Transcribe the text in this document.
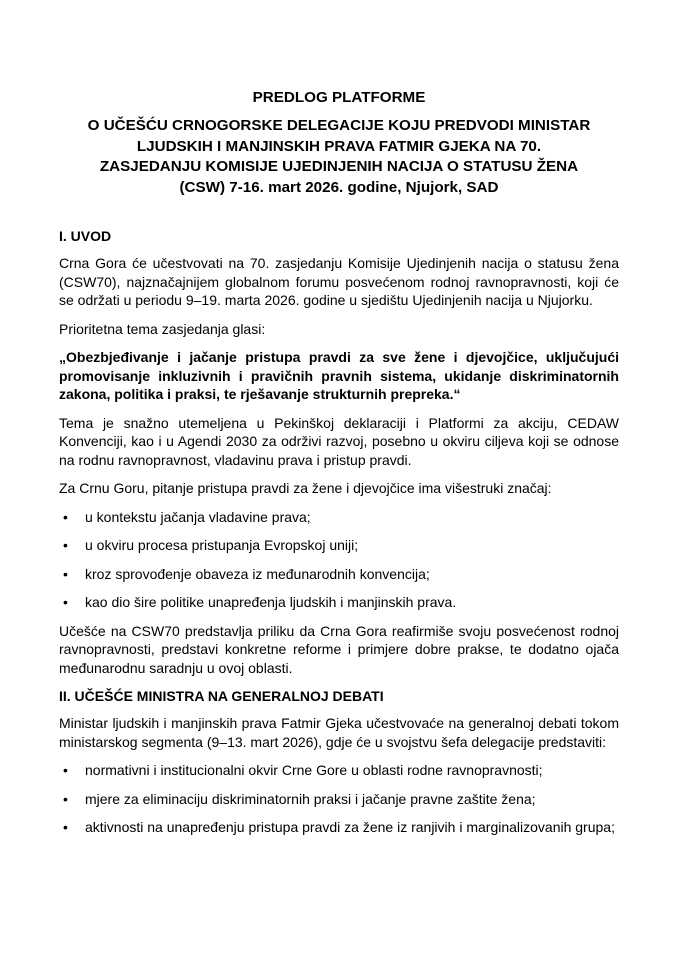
PREDLOG PLATFORME
O UČEŠĆU CRNOGORSKE DELEGACIJE KOJU PREDVODI MINISTAR
LJUDSKIH I MANJINSKIH PRAVA FATMIR GJEKA NA 70.
ZASJEDANJU KOMISIJE UJEDINJENIH NACIJA O STATUSU ŽENA
(CSW) 7-16. mart 2026. godine, Njujork, SAD
I. UVOD

Crna Gora će učestvovati na 70. zasjedanju Komisije Ujedinjenih nacija o statusu žena (CSW70), najznačajnijem globalnom forumu posvećenom rodnoj ravnopravnosti, koji će se održati u periodu 9–19. marta 2026. godine u sjedištu Ujedinjenih nacija u Njujorku.

Prioritetna tema zasjedanja glasi:

„Obezbjeđivanje i jačanje pristupa pravdi za sve žene i djevojčice, uključujući promovisanje inkluzivnih i pravičnih pravnih sistema, ukidanje diskriminatornih zakona, politika i praksi, te rješavanje strukturnih prepreka.“

Tema je snažno utemeljena u Pekinškoj deklaraciji i Platformi za akciju, CEDAW Konvenciji, kao i u Agendi 2030 za održivi razvoj, posebno u okviru ciljeva koji se odnose na rodnu ravnopravnost, vladavinu prava i pristup pravdi.

Za Crnu Goru, pitanje pristupa pravdi za žene i djevojčice ima višestruki značaj:

• u kontekstu jačanja vladavine prava;
• u okviru procesa pristupanja Evropskoj uniji;
• kroz sprovođenje obaveza iz međunarodnih konvencija;
• kao dio šire politike unapređenja ljudskih i manjinskih prava.

Učešće na CSW70 predstavlja priliku da Crna Gora reafirmiše svoju posvećenost rodnoj ravnopravnosti, predstavi konkretne reforme i primjere dobre prakse, te dodatno ojača međunarodnu saradnju u ovoj oblasti.

II. UČEŠĆE MINISTRA NA GENERALNOJ DEBATI

Ministar ljudskih i manjinskih prava Fatmir Gjeka učestvovaće na generalnoj debati tokom ministarskog segmenta (9–13. mart 2026), gdje će u svojstvu šefa delegacije predstaviti:

• normativni i institucionalni okvir Crne Gore u oblasti rodne ravnopravnosti;
• mjere za eliminaciju diskriminatornih praksi i jačanje pravne zaštite žena;
• aktivnosti na unapređenju pristupa pravdi za žene iz ranjivih i marginalizovanih grupa;
